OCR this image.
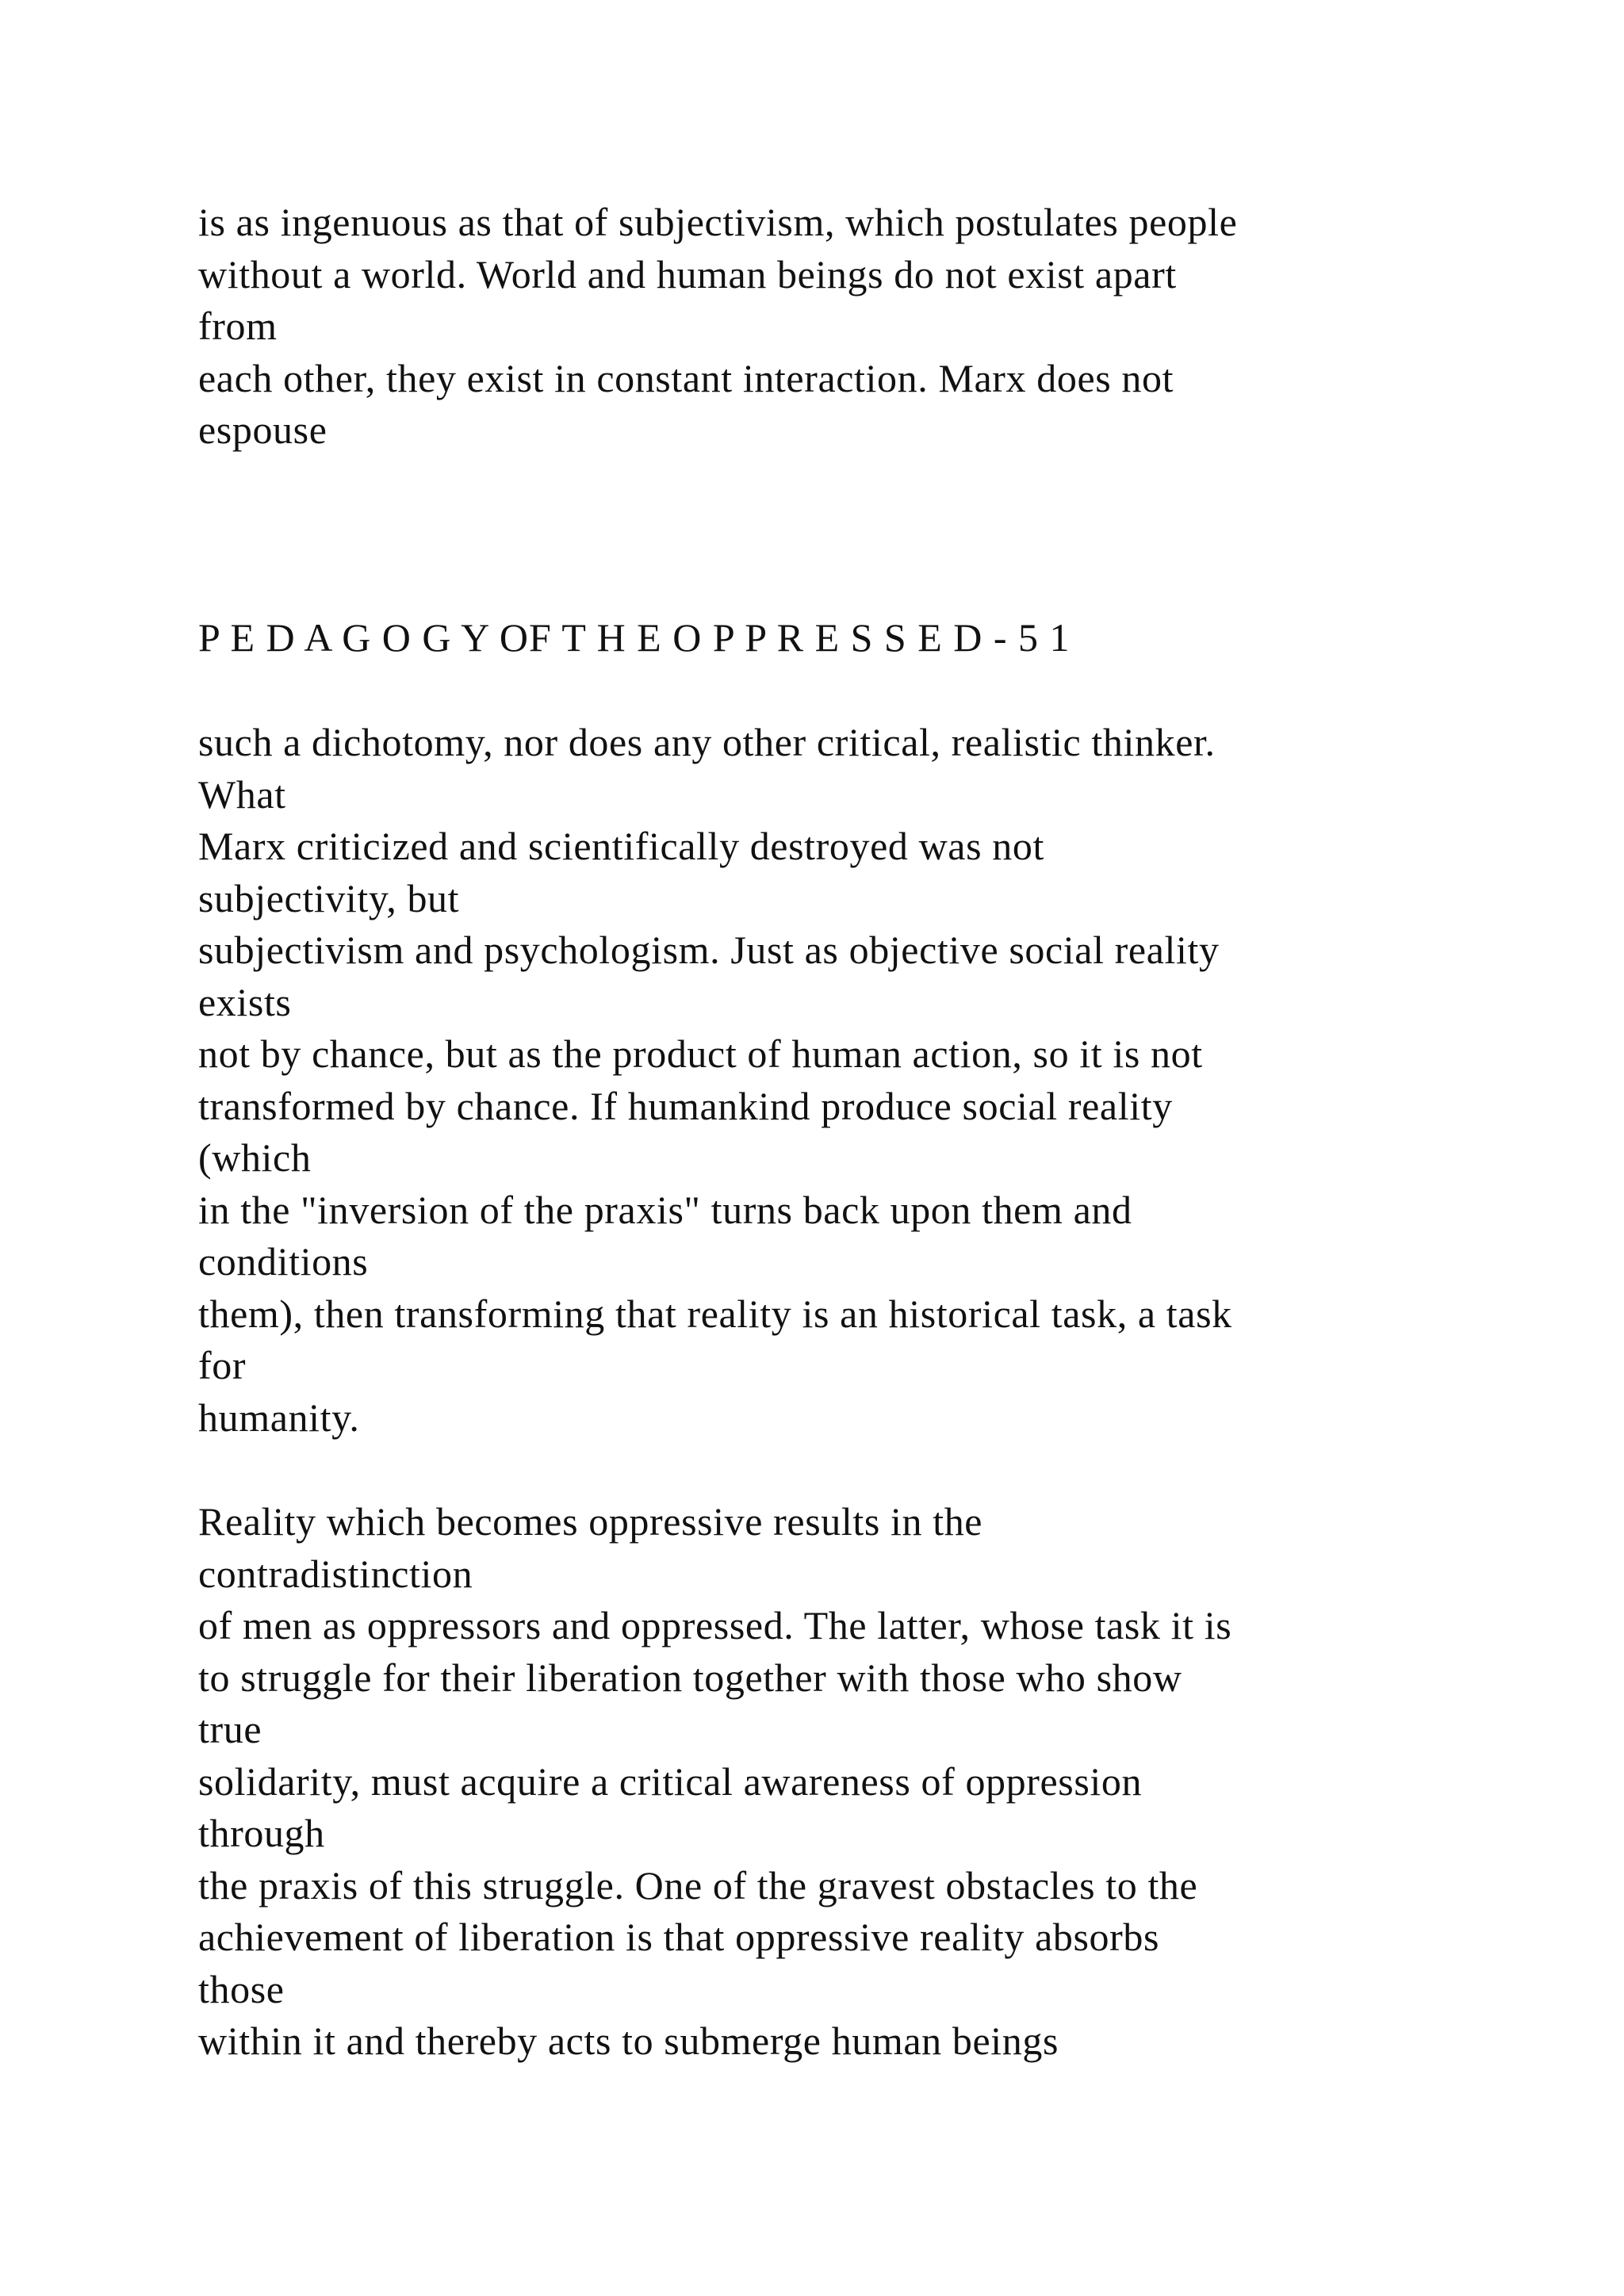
is as ingenuous as that of subjectivism, which postulates people
without a world. World and human beings do not exist apart
from
each other, they exist in constant interaction. Marx does not
espouse
P E D A G O G Y OF T H E O P P R E S S E D - 5 1
such a dichotomy, nor does any other critical, realistic thinker.
What
Marx criticized and scientifically destroyed was not
subjectivity, but
subjectivism and psychologism. Just as objective social reality
exists
not by chance, but as the product of human action, so it is not
transformed by chance. If humankind produce social reality
(which
in the "inversion of the praxis" turns back upon them and
conditions
them), then transforming that reality is an historical task, a task
for
humanity.
Reality which becomes oppressive results in the
contradistinction
of men as oppressors and oppressed. The latter, whose task it is
to struggle for their liberation together with those who show
true
solidarity, must acquire a critical awareness of oppression
through
the praxis of this struggle. One of the gravest obstacles to the
achievement of liberation is that oppressive reality absorbs
those
within it and thereby acts to submerge human beings
